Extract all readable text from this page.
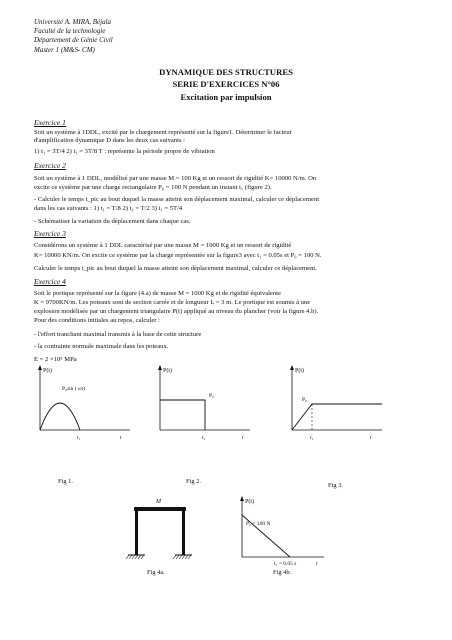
Université A. MIRA, Béjaïa
Faculté de la technologie
Département de Génie Civil
Master 1 (M&S- CM)
DYNAMIQUE DES STRUCTURES
SERIE D'EXERCICES N°06
Excitation par impulsion
Exercice 1
Soit un système à 1DDL, excité par le chargement représenté sur la figure1. Déterminer le facteur
d'amplification dynamique D dans les deux cas suivants :
1) t₁ = 3T/4 2) t₁ = 3T/8 T : représente la période propre de vibration
Exercice 2
Soit un système à 1 DDL, modélisé par une masse M = 100 Kg et un ressort de rigidité K= 10000 N/m. On
excite ce système par une charge rectangulaire P₀ = 100 N pendant un instant t₁ (figure 2).
- Calculer le temps t_pic au bout duquel la masse atteint son déplacement maximal, calculer ce déplacement
dans les cas suivants : 1) t₁ = T/8 2) t₁ = T/2 3) t₁ = 5T/4
- Schématiser la variation du déplacement dans chaque cas.
Exercice 3
Considérons un système à 1 DDL caractérisé par une masse M = 1000 Kg et un ressort de rigidité
K= 10000 KN/m. On excite ce système par la charge représentée sur la figure3 avec t₁ = 0.05s et P₀ = 100 N.
Calculer le temps t_pic au bout duquel la masse atteint son déplacement maximal, calculer ce déplacement.
Exercice 4
Soit le portique représenté sur la figure (4.a) de masse M = 1000 Kg et de rigidité équivalente
K = 9700KN/m. Les poteaux sont de section carrée et de longueur L = 3 m. Le portique est soumis à une
explosion modélisée par un chargement triangulaire P(t) appliqué au niveau du plancher (voir la figure 4.b).
Pour des conditions initiales au repos, calculer :
- l'effort tranchant maximal transmis à la base de cette structure
- la contrainte normale maximale dans les poteaux.
E = 2 ×10⁵ MPa
P(t)
P₀sin ( ωt)
t₁	t
Fig 1.
P(t)
P₀
t₁	t
Fig 2.
P(t)
P₀
t₁	t
Fig 3.
M
Fig 4a.
P(t)
P₀ = 100 N
t₁ = 0.05 s	t
Fig 4b.
